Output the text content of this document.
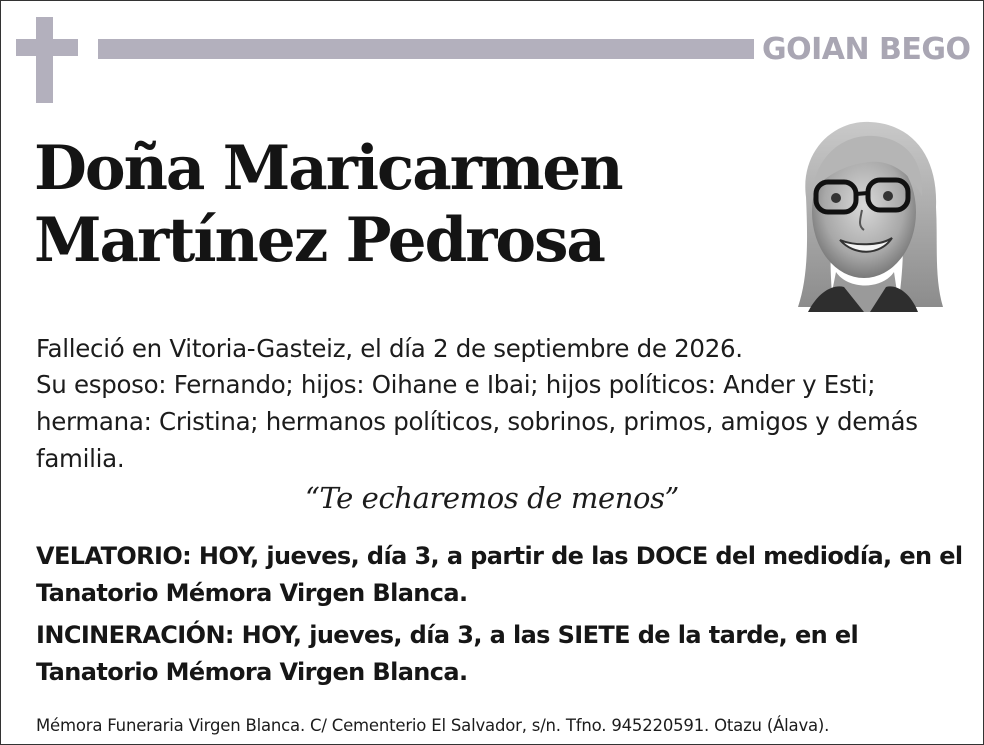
GOIAN BEGO
Doña Maricarmen
Martínez Pedrosa
Falleció en Vitoria-Gasteiz, el día 2 de septiembre de 2026.
Su esposo: Fernando; hijos: Oihane e Ibai; hijos políticos: Ander y Esti; hermana: Cristina; hermanos políticos, sobrinos, primos, amigos y demás familia.
“Te echaremos de menos”
VELATORIO: HOY, jueves, día 3, a partir de las DOCE del mediodía, en el Tanatorio Mémora Virgen Blanca.
INCINERACIÓN: HOY, jueves, día 3, a las SIETE de la tarde, en el Tanatorio Mémora Virgen Blanca.
Mémora Funeraria Virgen Blanca. C/ Cementerio El Salvador, s/n. Tfno. 945220591. Otazu (Álava).
